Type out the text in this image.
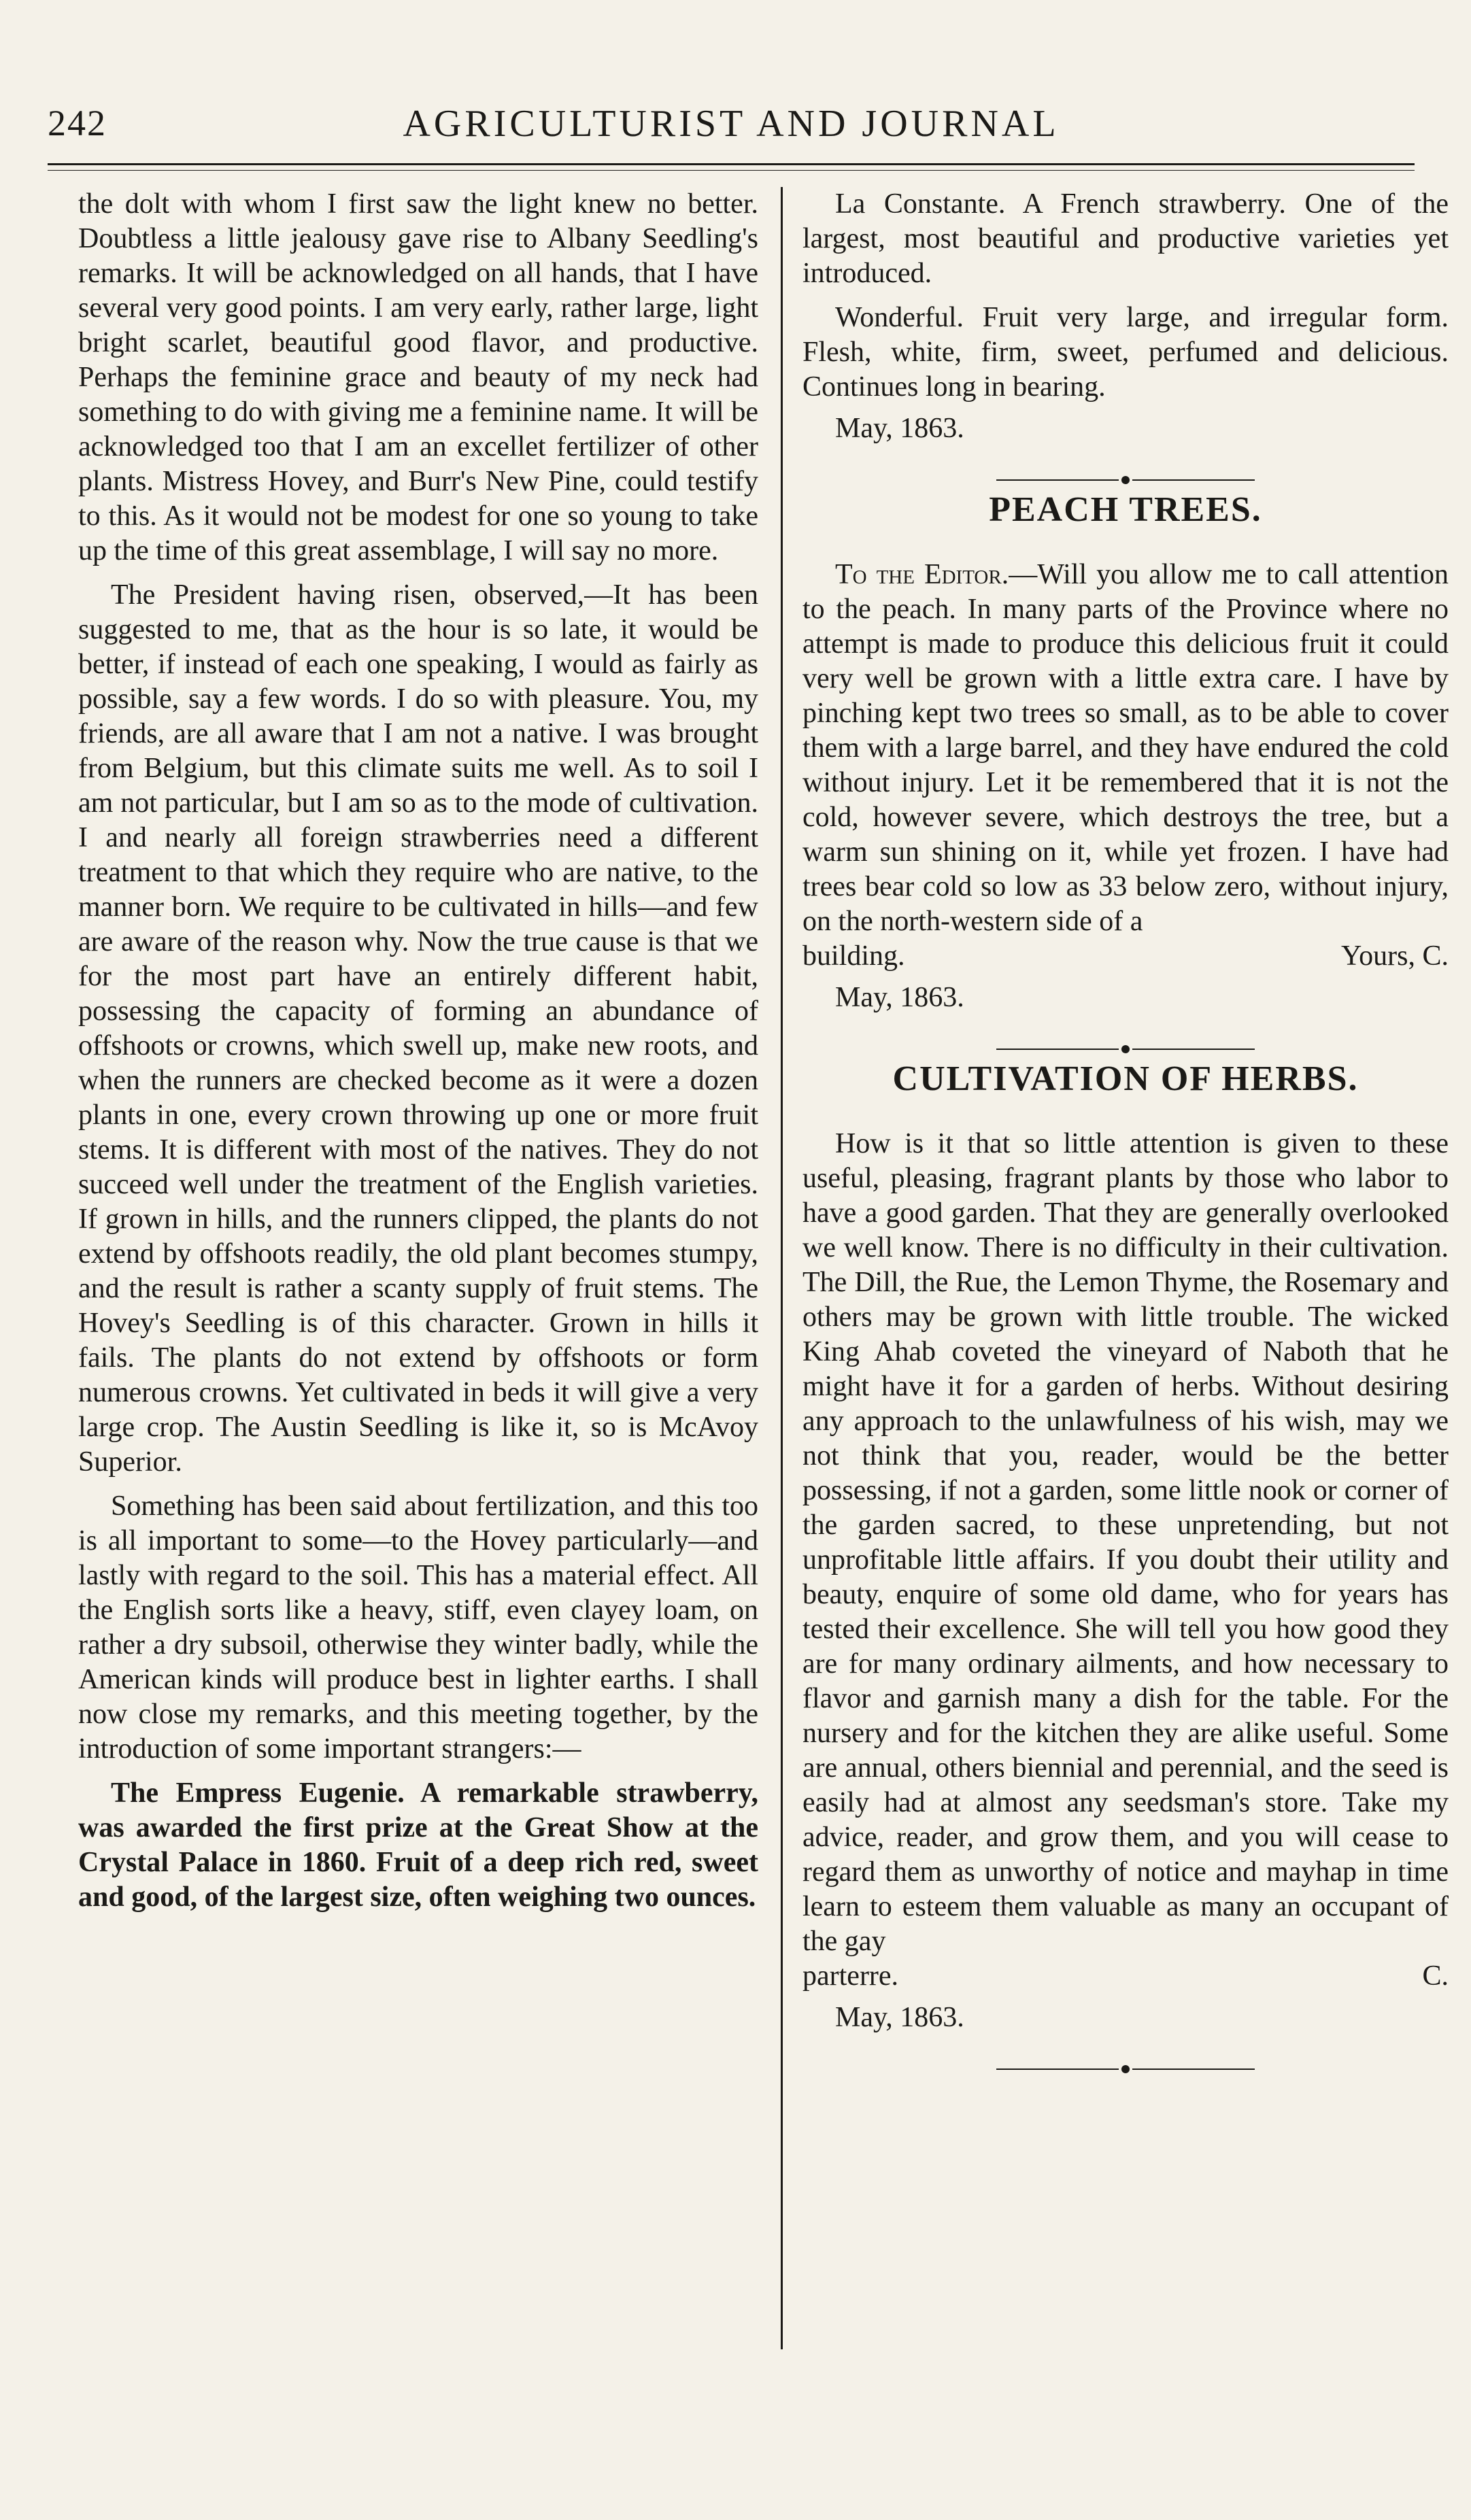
242	AGRICULTURIST AND JOURNAL

the dolt with whom I first saw the light knew no better. Doubtless a little jealousy gave rise to Albany Seedling's remarks. It will be acknowledged on all hands, that I have several very good points. I am very early, rather large, light bright scarlet, beautiful good flavor, and productive. Perhaps the feminine grace and beauty of my neck had something to do with giving me a feminine name. It will be acknowledged too that I am an excellet fertilizer of other plants. Mistress Hovey, and Burr's New Pine, could testify to this. As it would not be modest for one so young to take up the time of this great assemblage, I will say no more.

The President having risen, observed,—It has been suggested to me, that as the hour is so late, it would be better, if instead of each one speaking, I would as fairly as possible, say a few words. I do so with pleasure. You, my friends, are all aware that I am not a native. I was brought from Belgium, but this climate suits me well. As to soil I am not particular, but I am so as to the mode of cultivation. I and nearly all foreign strawberries need a different treatment to that which they require who are native, to the manner born. We require to be cultivated in hills—and few are aware of the reason why. Now the true cause is that we for the most part have an entirely different habit, possessing the capacity of forming an abundance of offshoots or crowns, which swell up, make new roots, and when the runners are checked become as it were a dozen plants in one, every crown throwing up one or more fruit stems. It is different with most of the natives. They do not succeed well under the treatment of the English varieties. If grown in hills, and the runners clipped, the plants do not extend by offshoots readily, the old plant becomes stumpy, and the result is rather a scanty supply of fruit stems. The Hovey's Seedling is of this character. Grown in hills it fails. The plants do not extend by offshoots or form numerous crowns. Yet cultivated in beds it will give a very large crop. The Austin Seedling is like it, so is McAvoy Superior.

Something has been said about fertilization, and this too is all important to some—to the Hovey particularly—and lastly with regard to the soil. This has a material effect. All the English sorts like a heavy, stiff, even clayey loam, on rather a dry subsoil, otherwise they winter badly, while the American kinds will produce best in lighter earths. I shall now close my remarks, and this meeting together, by the introduction of some important strangers:—

The Empress Eugenie. A remarkable strawberry, was awarded the first prize at the Great Show at the Crystal Palace in 1860. Fruit of a deep rich red, sweet and good, of the largest size, often weighing two ounces.

La Constante. A French strawberry. One of the largest, most beautiful and productive varieties yet introduced.

Wonderful. Fruit very large, and irregular form. Flesh, white, firm, sweet, perfumed and delicious. Continues long in bearing.

May, 1863.

PEACH TREES.

To the Editor.—Will you allow me to call attention to the peach. In many parts of the Province where no attempt is made to produce this delicious fruit it could very well be grown with a little extra care. I have by pinching kept two trees so small, as to be able to cover them with a large barrel, and they have endured the cold without injury. Let it be remembered that it is not the cold, however severe, which destroys the tree, but a warm sun shining on it, while yet frozen. I have had trees bear cold so low as 33 below zero, without injury, on the north-western side of a

building.	Yours, C.

May, 1863.

CULTIVATION OF HERBS.

How is it that so little attention is given to these useful, pleasing, fragrant plants by those who labor to have a good garden. That they are generally overlooked we well know. There is no difficulty in their cultivation. The Dill, the Rue, the Lemon Thyme, the Rosemary and others may be grown with little trouble. The wicked King Ahab coveted the vineyard of Naboth that he might have it for a garden of herbs. Without desiring any approach to the unlawfulness of his wish, may we not think that you, reader, would be the better possessing, if not a garden, some little nook or corner of the garden sacred, to these unpretending, but not unprofitable little affairs. If you doubt their utility and beauty, enquire of some old dame, who for years has tested their excellence. She will tell you how good they are for many ordinary ailments, and how necessary to flavor and garnish many a dish for the table. For the nursery and for the kitchen they are alike useful. Some are annual, others biennial and perennial, and the seed is easily had at almost any seedsman's store. Take my advice, reader, and grow them, and you will cease to regard them as unworthy of notice and mayhap in time learn to esteem them valuable as many an occupant of the gay

parterre.	C.

May, 1863.
